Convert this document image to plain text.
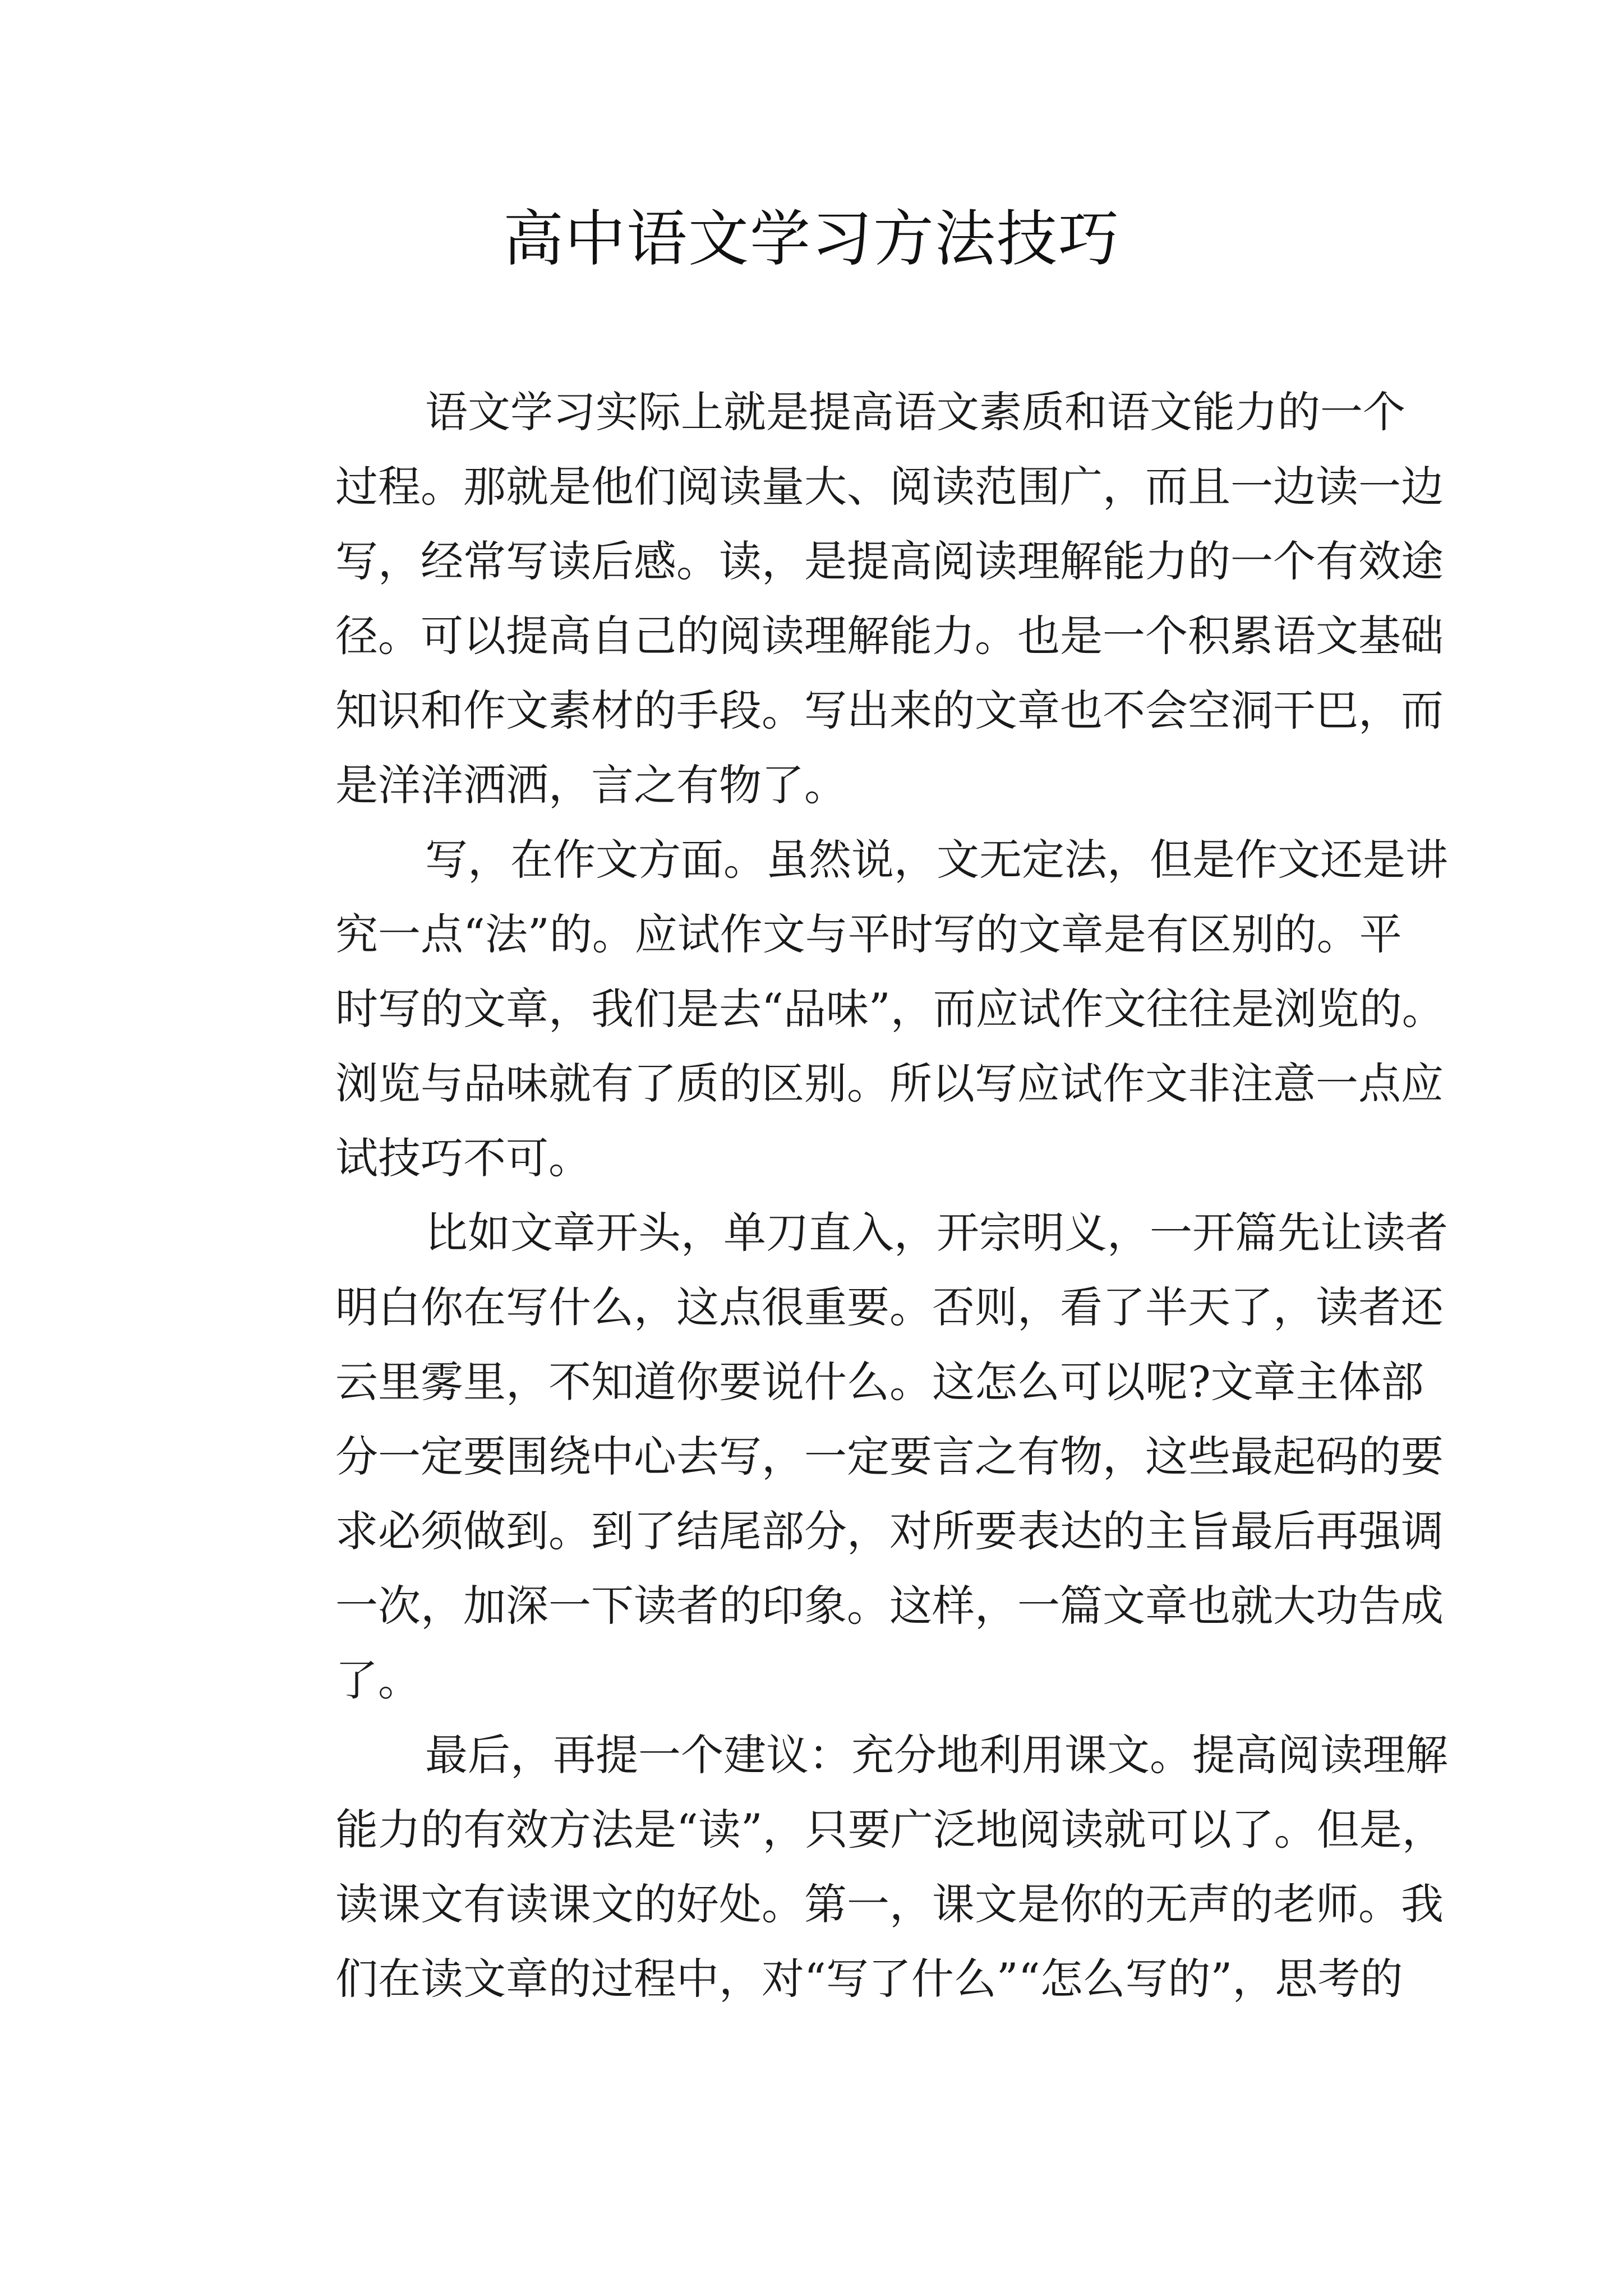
高中语文学习方法技巧
语文学习实际上就是提高语文素质和语文能力的一个
过程。那就是他们阅读量大、阅读范围广，而且一边读一边
写，经常写读后感。读，是提高阅读理解能力的一个有效途
径。可以提高自己的阅读理解能力。也是一个积累语文基础
知识和作文素材的手段。写出来的文章也不会空洞干巴，而
是洋洋洒洒，言之有物了。
写，在作文方面。虽然说，文无定法，但是作文还是讲
究一点“法”的。应试作文与平时写的文章是有区别的。平
时写的文章，我们是去“品味”，而应试作文往往是浏览的。
浏览与品味就有了质的区别。所以写应试作文非注意一点应
试技巧不可。
比如文章开头，单刀直入，开宗明义，一开篇先让读者
明白你在写什么，这点很重要。否则，看了半天了，读者还
云里雾里，不知道你要说什么。这怎么可以呢?文章主体部
分一定要围绕中心去写，一定要言之有物，这些最起码的要
求必须做到。到了结尾部分，对所要表达的主旨最后再强调
一次，加深一下读者的印象。这样，一篇文章也就大功告成
了。
最后，再提一个建议：充分地利用课文。提高阅读理解
能力的有效方法是“读”，只要广泛地阅读就可以了。但是，
读课文有读课文的好处。第一，课文是你的无声的老师。我
们在读文章的过程中，对“写了什么”“怎么写的”，思考的
